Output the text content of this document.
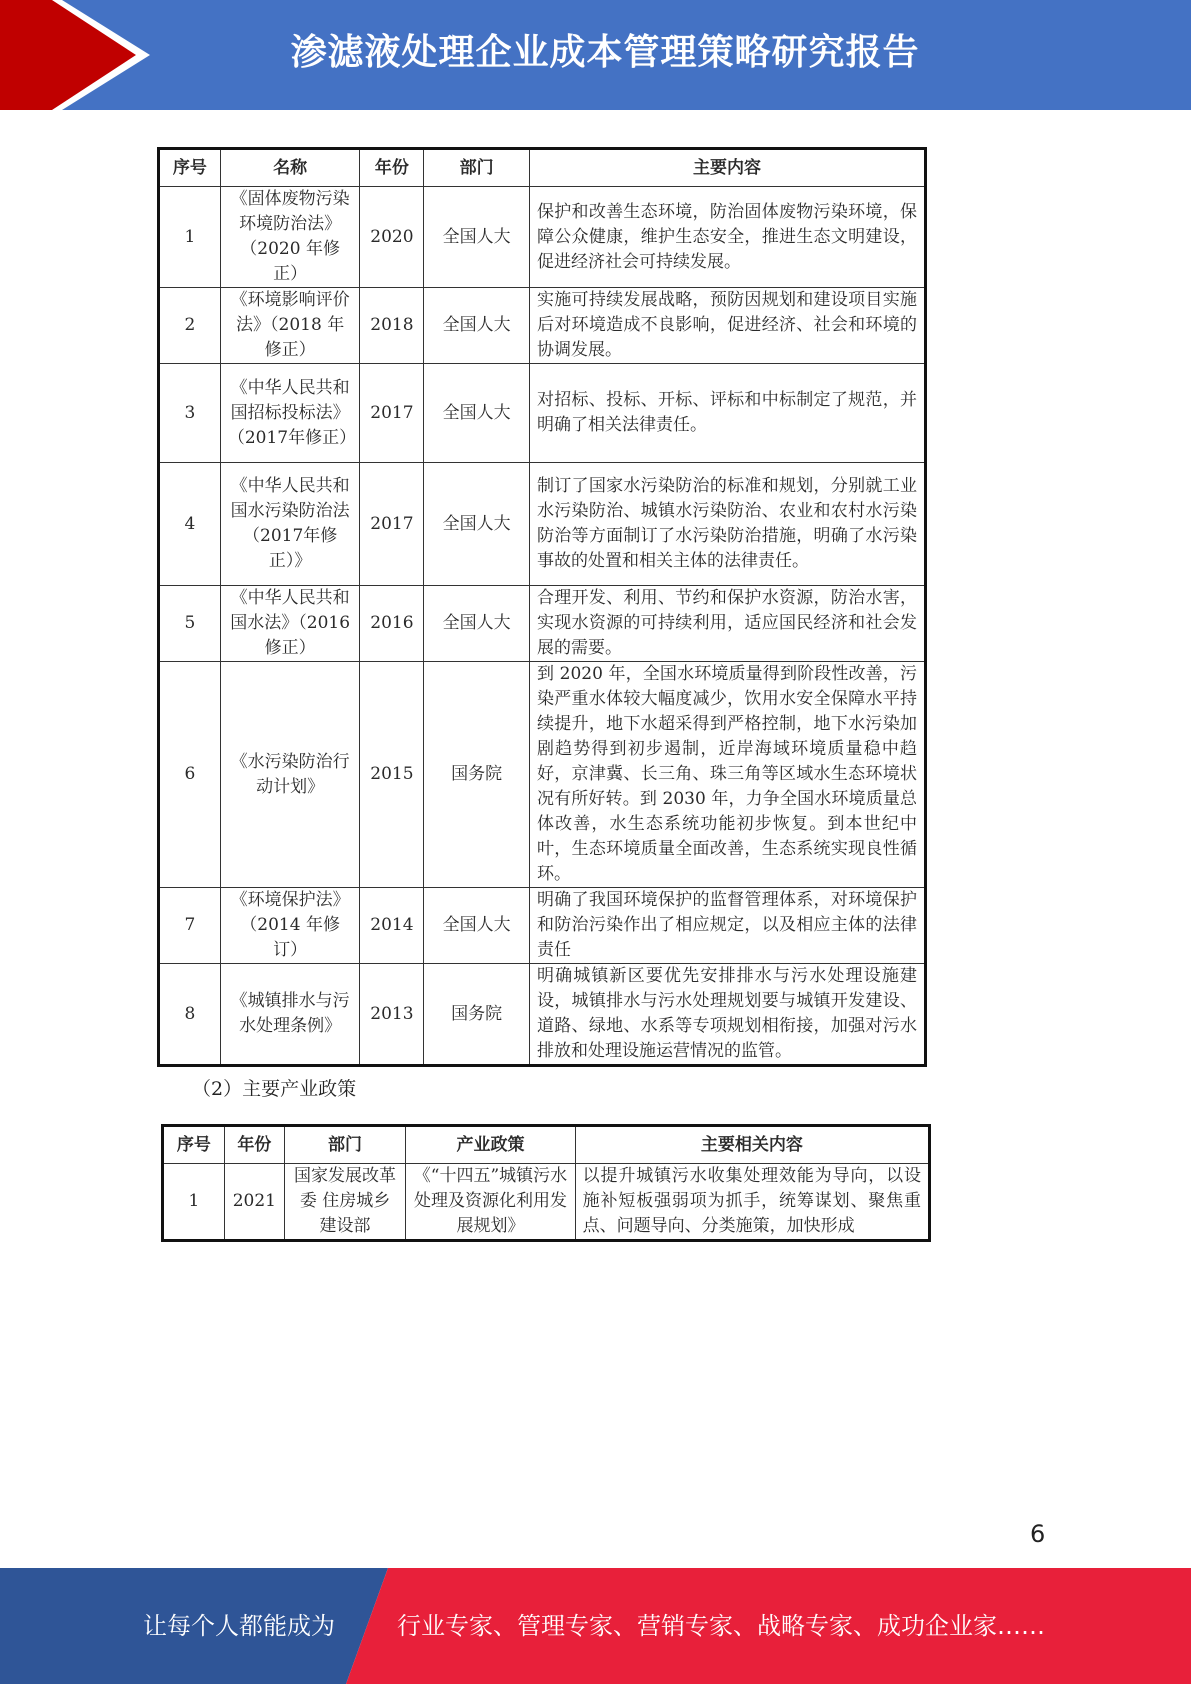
渗滤液处理企业成本管理策略研究报告
序号	名称	年份	部门	主要内容
1	《固体废物污染环境防治法》（2020 年修正）	2020	全国人大	保护和改善生态环境，防治固体废物污染环境，保障公众健康，维护生态安全，推进生态文明建设，促进经济社会可持续发展。
2	《环境影响评价法》（2018 年修正）	2018	全国人大	实施可持续发展战略，预防因规划和建设项目实施后对环境造成不良影响，促进经济、社会和环境的协调发展。
3	《中华人民共和国招标投标法》（2017年修正）	2017	全国人大	对招标、投标、开标、评标和中标制定了规范，并明确了相关法律责任。
4	《中华人民共和国水污染防治法（2017年修正）》	2017	全国人大	制订了国家水污染防治的标准和规划，分别就工业水污染防治、城镇水污染防治、农业和农村水污染防治等方面制订了水污染防治措施，明确了水污染事故的处置和相关主体的法律责任。
5	《中华人民共和国水法》（2016修正）	2016	全国人大	合理开发、利用、节约和保护水资源，防治水害，实现水资源的可持续利用，适应国民经济和社会发展的需要。
6	《水污染防治行动计划》	2015	国务院	到 2020 年，全国水环境质量得到阶段性改善，污染严重水体较大幅度减少，饮用水安全保障水平持续提升，地下水超采得到严格控制，地下水污染加剧趋势得到初步遏制，近岸海域环境质量稳中趋好，京津冀、长三角、珠三角等区域水生态环境状况有所好转。到 2030 年，力争全国水环境质量总体改善，水生态系统功能初步恢复。到本世纪中叶，生态环境质量全面改善，生态系统实现良性循环。
7	《环境保护法》（2014 年修订）	2014	全国人大	明确了我国环境保护的监督管理体系，对环境保护和防治污染作出了相应规定，以及相应主体的法律责任
8	《城镇排水与污水处理条例》	2013	国务院	明确城镇新区要优先安排排水与污水处理设施建设，城镇排水与污水处理规划要与城镇开发建设、道路、绿地、水系等专项规划相衔接，加强对污水排放和处理设施运营情况的监管。
（2）主要产业政策
序号	年份	部门	产业政策	主要相关内容
1	2021	国家发展改革委 住房城乡建设部	《“十四五”城镇污水处理及资源化利用发展规划》	以提升城镇污水收集处理效能为导向，以设施补短板强弱项为抓手，统筹谋划、聚焦重点、问题导向、分类施策，加快形成
6
让每个人都能成为	行业专家、管理专家、营销专家、战略专家、成功企业家……
